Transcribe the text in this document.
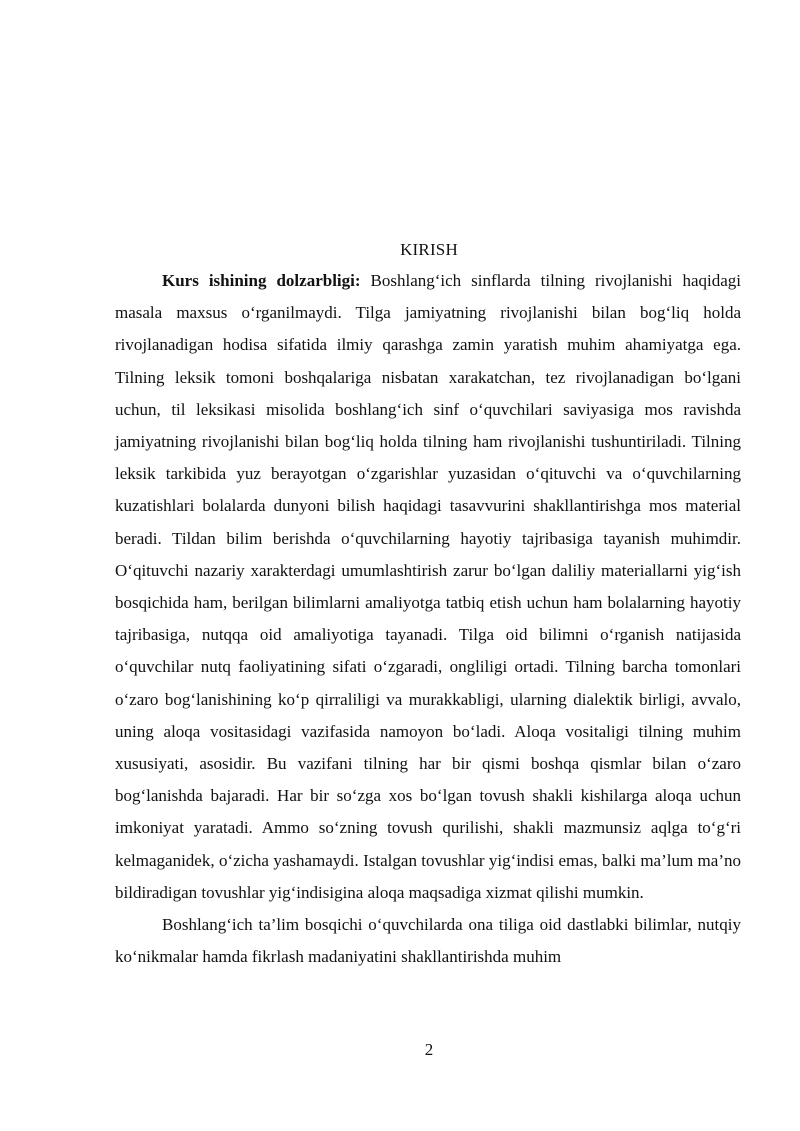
KIRISH

Kurs ishining dolzarbligi: Boshlang‘ich sinflarda tilning rivojlanishi haqidagi masala maxsus o‘rganilmaydi. Tilga jamiyatning rivojlanishi bilan bog‘liq holda rivojlanadigan hodisa sifatida ilmiy qarashga zamin yaratish muhim ahamiyatga ega. Tilning leksik tomoni boshqalariga nisbatan xarakatchan, tez rivojlanadigan bo‘lgani uchun, til leksikasi misolida boshlang‘ich sinf o‘quvchilari saviyasiga mos ravishda jamiyatning rivojlanishi bilan bog‘liq holda tilning ham rivojlanishi tushuntiriladi. Tilning leksik tarkibida yuz berayotgan o‘zgarishlar yuzasidan o‘qituvchi va o‘quvchilarning kuzatishlari bolalarda dunyoni bilish haqidagi tasavvurini shakllantirishga mos material beradi. Tildan bilim berishda o‘quvchilarning hayotiy tajribasiga tayanish muhimdir. O‘qituvchi nazariy xarakterdagi umumlashtirish zarur bo‘lgan daliliy materiallarni yig‘ish bosqichida ham, berilgan bilimlarni amaliyotga tatbiq etish uchun ham bolalarning hayotiy tajribasiga, nutqqa oid amaliyotiga tayanadi. Tilga oid bilimni o‘rganish natijasida o‘quvchilar nutq faoliyatining sifati o‘zgaradi, ongliligi ortadi. Tilning barcha tomonlari o‘zaro bog‘lanishining ko‘p qirraliligi va murakkabligi, ularning dialektik birligi, avvalo, uning aloqa vositasidagi vazifasida namoyon bo‘ladi. Aloqa vositaligi tilning muhim xususiyati, asosidir. Bu vazifani tilning har bir qismi boshqa qismlar bilan o‘zaro bog‘lanishda bajaradi. Har bir so‘zga xos bo‘lgan tovush shakli kishilarga aloqa uchun imkoniyat yaratadi. Ammo so‘zning tovush qurilishi, shakli mazmunsiz aqlga to‘g‘ri kelmaganidek, o‘zicha yashamaydi. Istalgan tovushlar yig‘indisi emas, balki ma’lum ma’no bildiradigan tovushlar yig‘indisigina aloqa maqsadiga xizmat qilishi mumkin.

Boshlang‘ich ta’lim bosqichi o‘quvchilarda ona tiliga oid dastlabki bilimlar, nutqiy ko‘nikmalar hamda fikrlash madaniyatini shakllantirishda muhim

2
